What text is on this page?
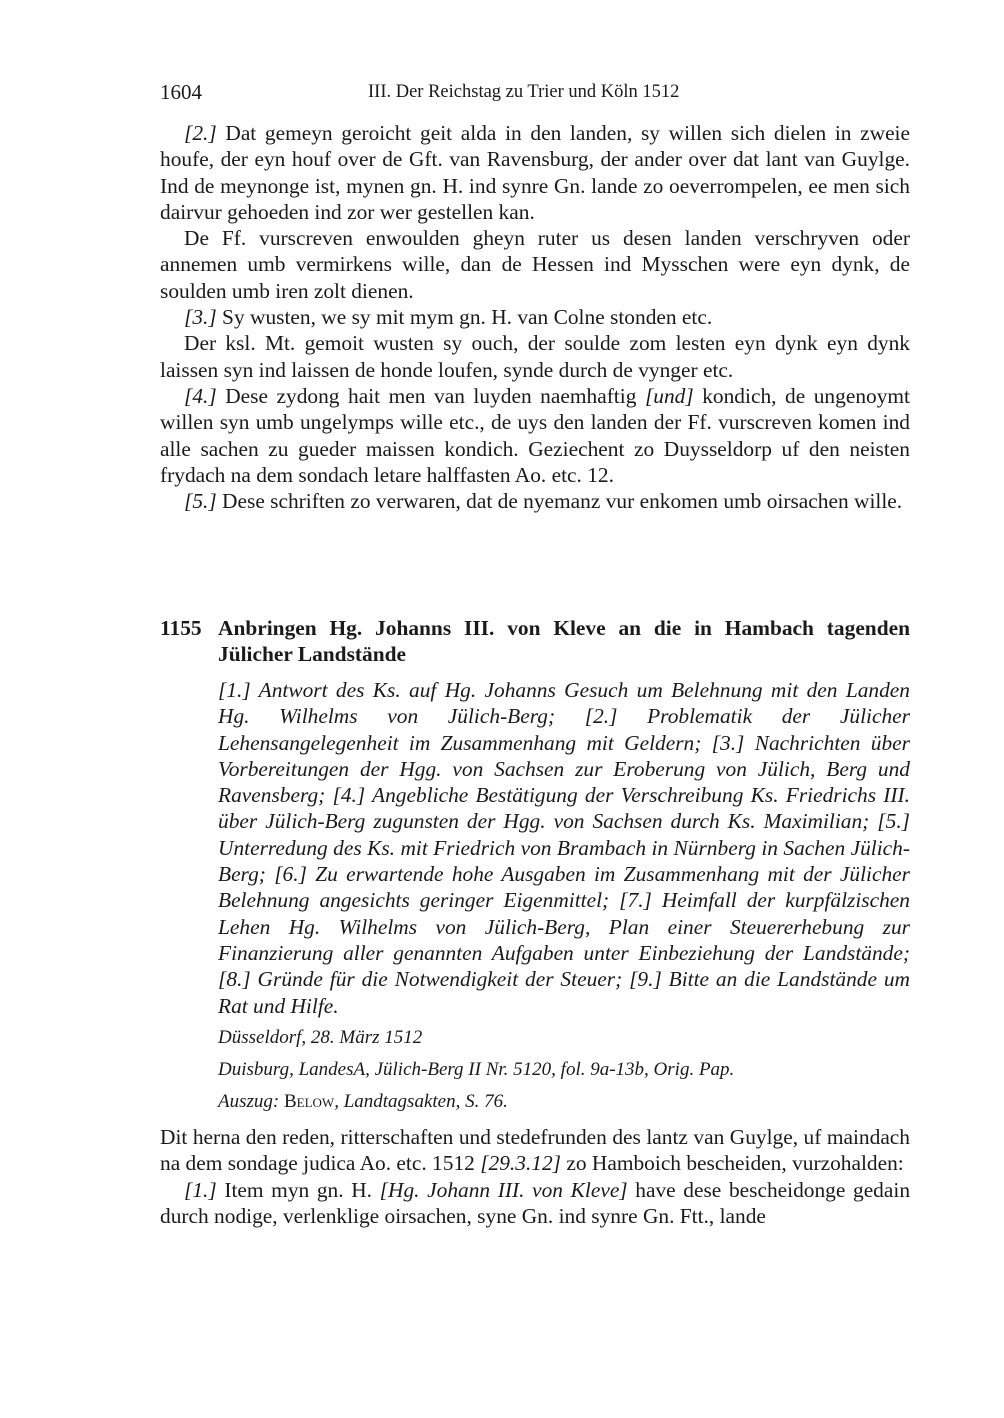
1604	III. Der Reichstag zu Trier und Köln 1512

[2.] Dat gemeyn geroicht geit alda in den landen, sy willen sich dielen in zweie houfe, der eyn houf over de Gft. van Ravensburg, der ander over dat lant van Guylge. Ind de meynonge ist, mynen gn. H. ind synre Gn. lande zo oeverrompelen, ee men sich dairvur gehoeden ind zor wer gestellen kan.

De Ff. vurscreven enwoulden gheyn ruter us desen landen verschryven oder annemen umb vermirkens wille, dan de Hessen ind Mysschen were eyn dynk, de soulden umb iren zolt dienen.

[3.] Sy wusten, we sy mit mym gn. H. van Colne stonden etc.

Der ksl. Mt. gemoit wusten sy ouch, der soulde zom lesten eyn dynk eyn dynk laissen syn ind laissen de honde loufen, synde durch de vynger etc.

[4.] Dese zydong hait men van luyden naemhaftig [und] kondich, de ungenoymt willen syn umb ungelymps wille etc., de uys den landen der Ff. vurscreven komen ind alle sachen zu gueder maissen kondich. Geziechent zo Duysseldorp uf den neisten frydach na dem sondach letare halffasten Ao. etc. 12.

[5.] Dese schriften zo verwaren, dat de nyemanz vur enkomen umb oirsachen wille.

1155 Anbringen Hg. Johanns III. von Kleve an die in Hambach tagenden Jülicher Landstände
[1.] Antwort des Ks. auf Hg. Johanns Gesuch um Belehnung mit den Landen Hg. Wilhelms von Jülich-Berg; [2.] Problematik der Jülicher Lehensangelegenheit im Zusammenhang mit Geldern; [3.] Nachrichten über Vorbereitungen der Hgg. von Sachsen zur Eroberung von Jülich, Berg und Ravensberg; [4.] Angebliche Bestätigung der Verschreibung Ks. Friedrichs III. über Jülich-Berg zugunsten der Hgg. von Sachsen durch Ks. Maximilian; [5.] Unterredung des Ks. mit Friedrich von Brambach in Nürnberg in Sachen Jülich-Berg; [6.] Zu erwartende hohe Ausgaben im Zusammenhang mit der Jülicher Belehnung angesichts geringer Eigenmittel; [7.] Heimfall der kurpfälzischen Lehen Hg. Wilhelms von Jülich-Berg, Plan einer Steuererhebung zur Finanzierung aller genannten Aufgaben unter Einbeziehung der Landstände; [8.] Gründe für die Notwendigkeit der Steuer; [9.] Bitte an die Landstände um Rat und Hilfe.
Düsseldorf, 28. März 1512
Duisburg, LandesA, Jülich-Berg II Nr. 5120, fol. 9a-13b, Orig. Pap.
Auszug: Below, Landtagsakten, S. 76.

Dit herna den reden, ritterschaften und stedefrunden des lantz van Guylge, uf maindach na dem sondage judica Ao. etc. 1512 [29.3.12] zo Hamboich bescheiden, vurzohalden:

[1.] Item myn gn. H. [Hg. Johann III. von Kleve] have dese bescheidonge gedain durch nodige, verlenklige oirsachen, syne Gn. ind synre Gn. Ftt., lande
